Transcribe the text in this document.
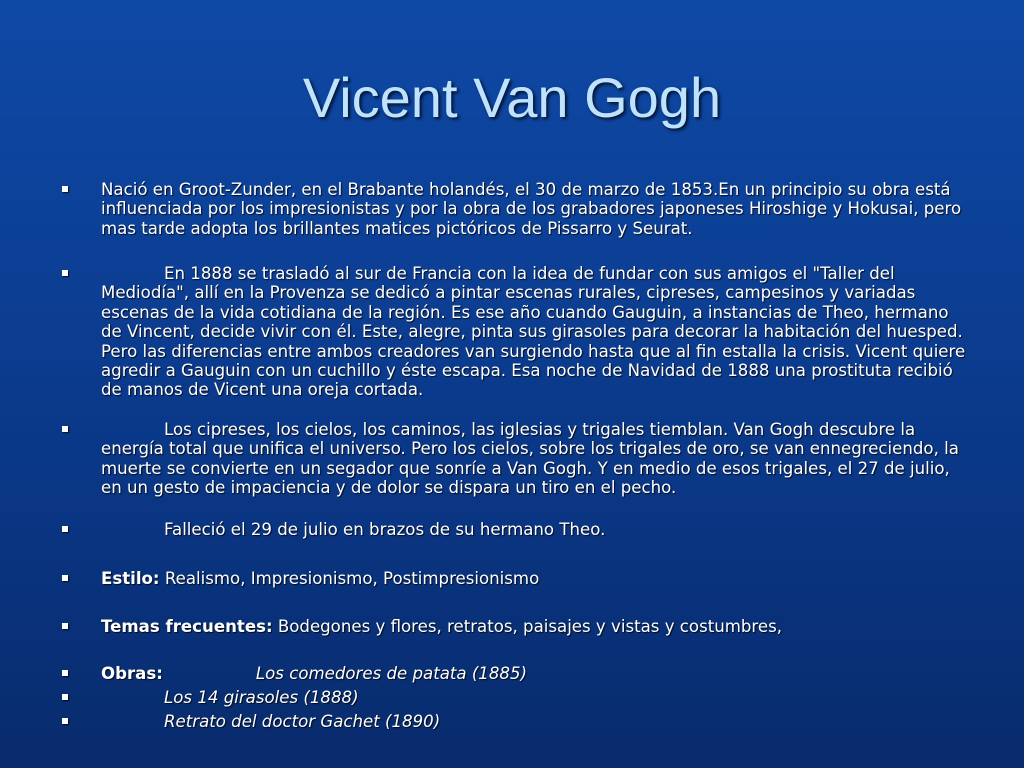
Vicent Van Gogh
Nació en Groot-Zunder, en el Brabante holandés, el 30 de marzo de 1853.En un principio su obra está influenciada por los impresionistas y por la obra de los grabadores japoneses Hiroshige y Hokusai, pero mas tarde adopta los brillantes matices pictóricos de Pissarro y Seurat.
En 1888 se trasladó al sur de Francia con la idea de fundar con sus amigos el "Taller del Mediodía", allí en la Provenza se dedicó a pintar escenas rurales, cipreses, campesinos y variadas escenas de la vida cotidiana de la región. Es ese año cuando Gauguin, a instancias de Theo, hermano de Vincent, decide vivir con él. Este, alegre, pinta sus girasoles para decorar la habitación del huesped. Pero las diferencias entre ambos creadores van surgiendo hasta que al fin estalla la crisis. Vicent quiere agredir a Gauguin con un cuchillo y éste escapa. Esa noche de Navidad de 1888 una prostituta recibió de manos de Vicent una oreja cortada.
Los cipreses, los cielos, los caminos, las iglesias y trigales tiemblan. Van Gogh descubre la energía total que unifica el universo. Pero los cielos, sobre los trigales de oro, se van ennegreciendo, la muerte se convierte en un segador que sonríe a Van Gogh. Y en medio de esos trigales, el 27 de julio, en un gesto de impaciencia y de dolor se dispara un tiro en el pecho.
Falleció el 29 de julio en brazos de su hermano Theo.
Estilo: Realismo, Impresionismo, Postimpresionismo
Temas frecuentes: Bodegones y flores, retratos, paisajes y vistas y costumbres,
Obras:	Los comedores de patata (1885)
Los 14 girasoles (1888)
Retrato del doctor Gachet (1890)
